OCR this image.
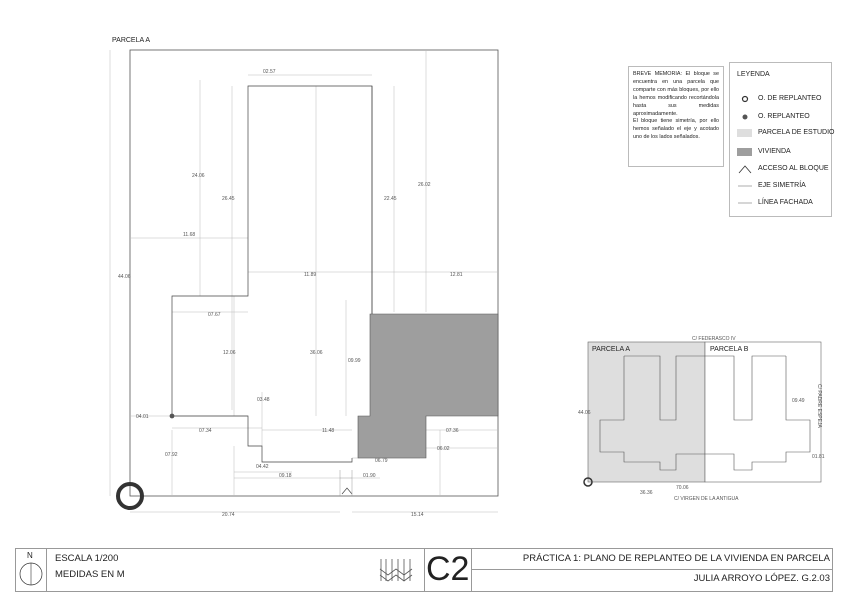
PARCELA A
02.57
24.06
26.45	22.45
26.02
11.68
11.89	12.81
44.06
07.67
12.06	36.06
09.99
03.48
04.01
07.34	11.48	07.36
07.92
06.02
06.79
04.42
09.18	01.90
20.74	15.14
C/ FEDERASCO IV
PARCELA A	PARCELA B
44.06
09.49
01.81
70.06
36.36
C/ VIRGEN DE LA ANTIGUA
C/ PADRE ESPEJA

BREVE MEMORIA: El bloque se encuentra en una parcela que comparte con más bloques, por ello la hemos modificando recortándola hasta sus medidas aproximadamente.

El bloque tiene simetría, por ello hemos señalado el eje y acotado uno de los lados señalados.

LEYENDA
O. DE REPLANTEO
O. REPLANTEO
PARCELA DE ESTUDIO
VIVIENDA
ACCESO AL BLOQUE
EJE SIMETRÍA
LÍNEA FACHADA
N ESCALA 1/200
MEDIDAS EN M	C2	PRÁCTICA 1: PLANO DE REPLANTEO DE LA VIVIENDA EN PARCELA
JULIA ARROYO LÓPEZ. G.2.03
